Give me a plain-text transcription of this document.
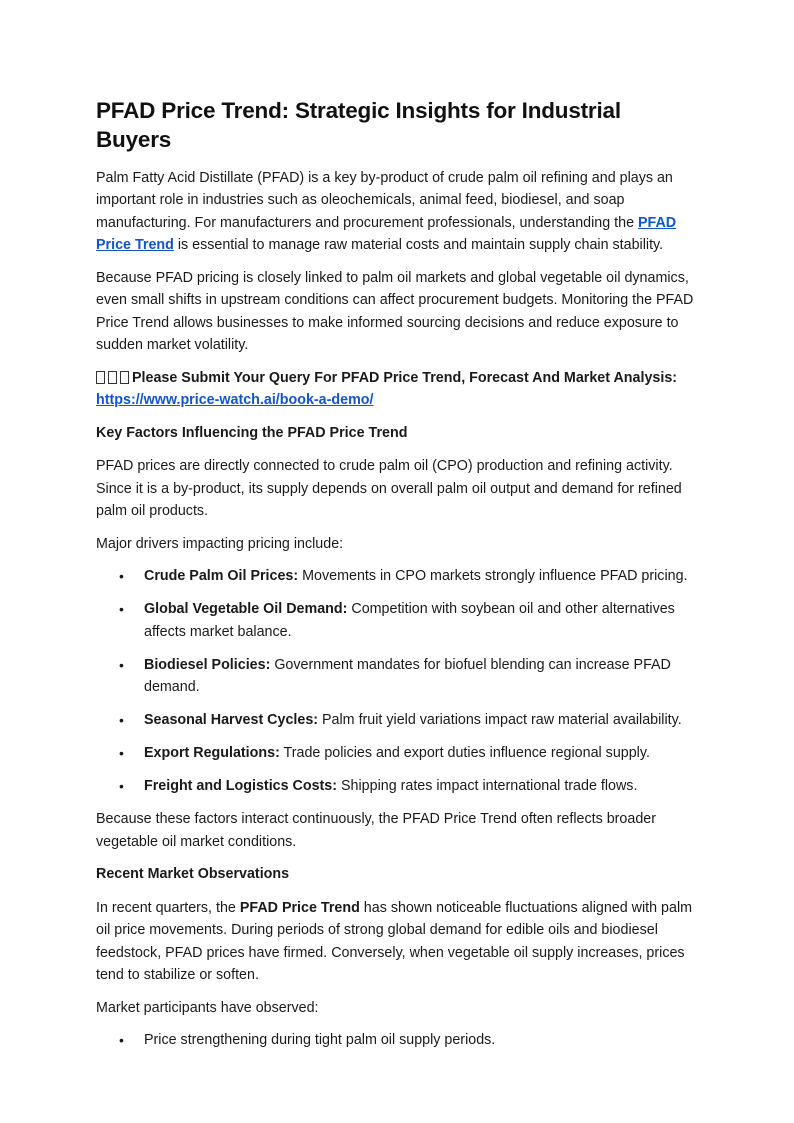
PFAD Price Trend: Strategic Insights for Industrial Buyers

Palm Fatty Acid Distillate (PFAD) is a key by-product of crude palm oil refining and plays an important role in industries such as oleochemicals, animal feed, biodiesel, and soap manufacturing. For manufacturers and procurement professionals, understanding the PFAD Price Trend is essential to manage raw material costs and maintain supply chain stability.

Because PFAD pricing is closely linked to palm oil markets and global vegetable oil dynamics, even small shifts in upstream conditions can affect procurement budgets. Monitoring the PFAD Price Trend allows businesses to make informed sourcing decisions and reduce exposure to sudden market volatility.

Please Submit Your Query For PFAD Price Trend, Forecast And Market Analysis:
https://www.price-watch.ai/book-a-demo/

Key Factors Influencing the PFAD Price Trend

PFAD prices are directly connected to crude palm oil (CPO) production and refining activity. Since it is a by-product, its supply depends on overall palm oil output and demand for refined palm oil products.

Major drivers impacting pricing include:

• Crude Palm Oil Prices: Movements in CPO markets strongly influence PFAD pricing.
• Global Vegetable Oil Demand: Competition with soybean oil and other alternatives affects market balance.
• Biodiesel Policies: Government mandates for biofuel blending can increase PFAD demand.
• Seasonal Harvest Cycles: Palm fruit yield variations impact raw material availability.
• Export Regulations: Trade policies and export duties influence regional supply.
• Freight and Logistics Costs: Shipping rates impact international trade flows.

Because these factors interact continuously, the PFAD Price Trend often reflects broader vegetable oil market conditions.

Recent Market Observations

In recent quarters, the PFAD Price Trend has shown noticeable fluctuations aligned with palm oil price movements. During periods of strong global demand for edible oils and biodiesel feedstock, PFAD prices have firmed. Conversely, when vegetable oil supply increases, prices tend to stabilize or soften.

Market participants have observed:

• Price strengthening during tight palm oil supply periods.
